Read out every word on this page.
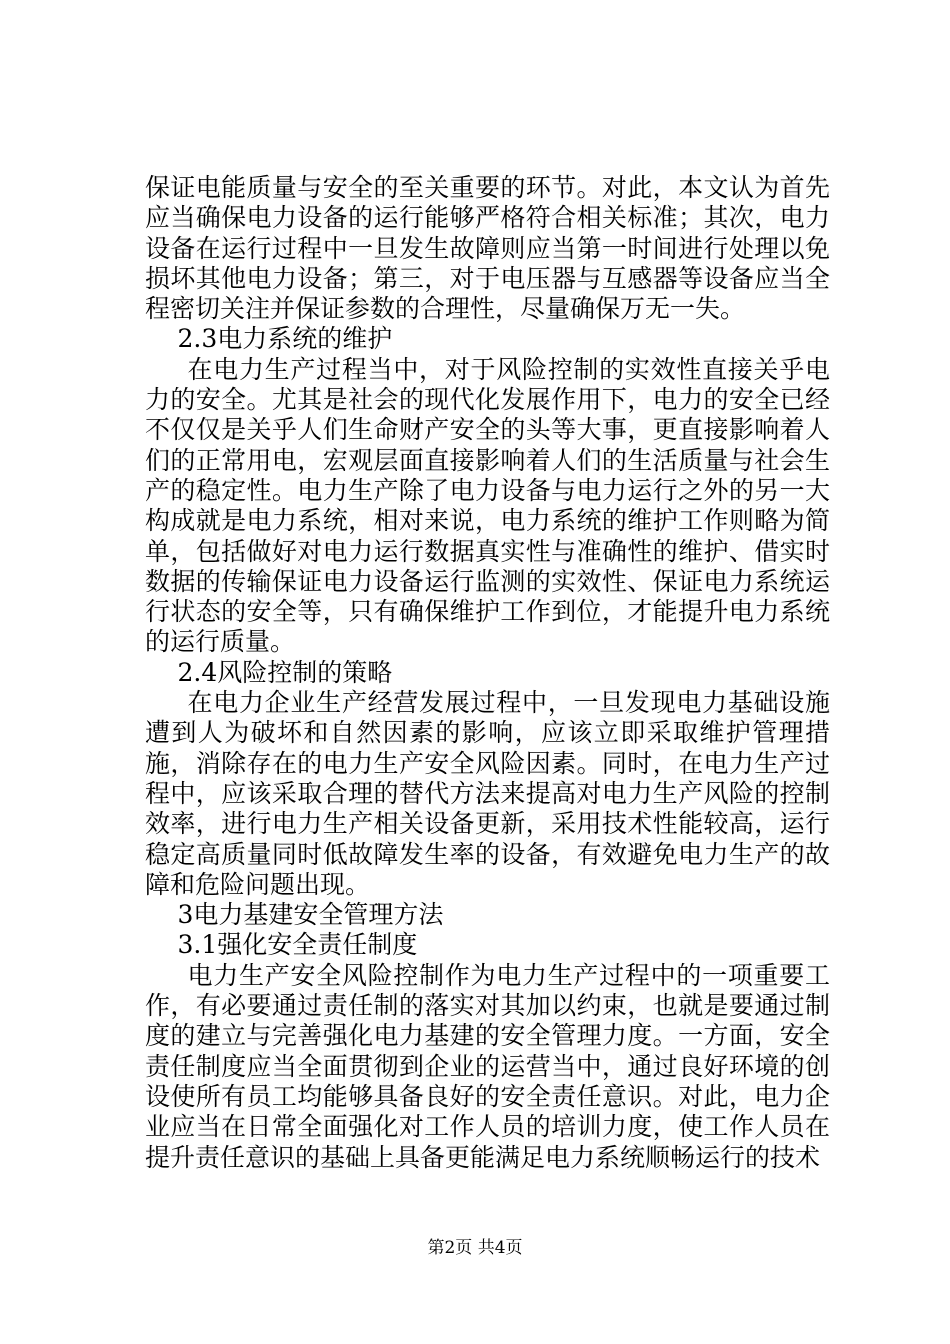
保证电能质量与安全的至关重要的环节。对此，本文认为首先应当确保电力设备的运行能够严格符合相关标准；其次，电力设备在运行过程中一旦发生故障则应当第一时间进行处理以免损坏其他电力设备；第三，对于电压器与互感器等设备应当全程密切关注并保证参数的合理性，尽量确保万无一失。

2.3电力系统的维护

在电力生产过程当中，对于风险控制的实效性直接关乎电力的安全。尤其是社会的现代化发展作用下，电力的安全已经不仅仅是关乎人们生命财产安全的头等大事，更直接影响着人们的正常用电，宏观层面直接影响着人们的生活质量与社会生产的稳定性。电力生产除了电力设备与电力运行之外的另一大构成就是电力系统，相对来说，电力系统的维护工作则略为简单，包括做好对电力运行数据真实性与准确性的维护、借实时数据的传输保证电力设备运行监测的实效性、保证电力系统运行状态的安全等，只有确保维护工作到位，才能提升电力系统的运行质量。

2.4风险控制的策略

在电力企业生产经营发展过程中，一旦发现电力基础设施遭到人为破坏和自然因素的影响，应该立即采取维护管理措施，消除存在的电力生产安全风险因素。同时，在电力生产过程中，应该采取合理的替代方法来提高对电力生产风险的控制效率，进行电力生产相关设备更新，采用技术性能较高，运行稳定高质量同时低故障发生率的设备，有效避免电力生产的故障和危险问题出现。

3电力基建安全管理方法

3.1强化安全责任制度

电力生产安全风险控制作为电力生产过程中的一项重要工作，有必要通过责任制的落实对其加以约束，也就是要通过制度的建立与完善强化电力基建的安全管理力度。一方面，安全责任制度应当全面贯彻到企业的运营当中，通过良好环境的创设使所有员工均能够具备良好的安全责任意识。对此，电力企业应当在日常全面强化对工作人员的培训力度，使工作人员在提升责任意识的基础上具备更能满足电力系统顺畅运行的技术

第2页 共4页
